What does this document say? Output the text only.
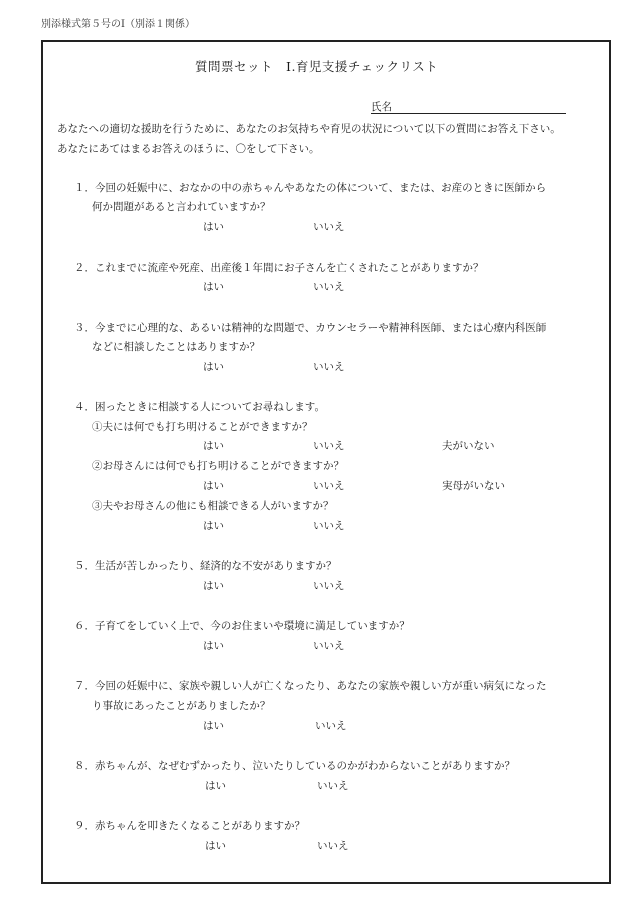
別添様式第５号のⅠ（別添１関係）
質問票セット　Ⅰ.育児支援チェックリスト
氏名
あなたへの適切な援助を行うために、あなたのお気持ちや育児の状況について以下の質問にお答え下さい。
あなたにあてはまるお答えのほうに、〇をして下さい。
１．今回の妊娠中に、おなかの中の赤ちゃんやあなたの体について、または、お産のときに医師から
何か問題があると言われていますか？
はい	いいえ
２．これまでに流産や死産、出産後１年間にお子さんを亡くされたことがありますか？
はい	いいえ
３．今までに心理的な、あるいは精神的な問題で、カウンセラーや精神科医師、または心療内科医師
などに相談したことはありますか？
はい	いいえ
４．困ったときに相談する人についてお尋ねします。
①夫には何でも打ち明けることができますか？
はい	いいえ	夫がいない
②お母さんには何でも打ち明けることができますか？
はい	いいえ	実母がいない
③夫やお母さんの他にも相談できる人がいますか？
はい	いいえ
５．生活が苦しかったり、経済的な不安がありますか？
はい	いいえ
６．子育てをしていく上で、今のお住まいや環境に満足していますか？
はい	いいえ
７．今回の妊娠中に、家族や親しい人が亡くなったり、あなたの家族や親しい方が重い病気になった
り事故にあったことがありましたか？
はい	いいえ
８．赤ちゃんが、なぜむずかったり、泣いたりしているのかがわからないことがありますか？
はい	いいえ
９．赤ちゃんを叩きたくなることがありますか？
はい	いいえ
